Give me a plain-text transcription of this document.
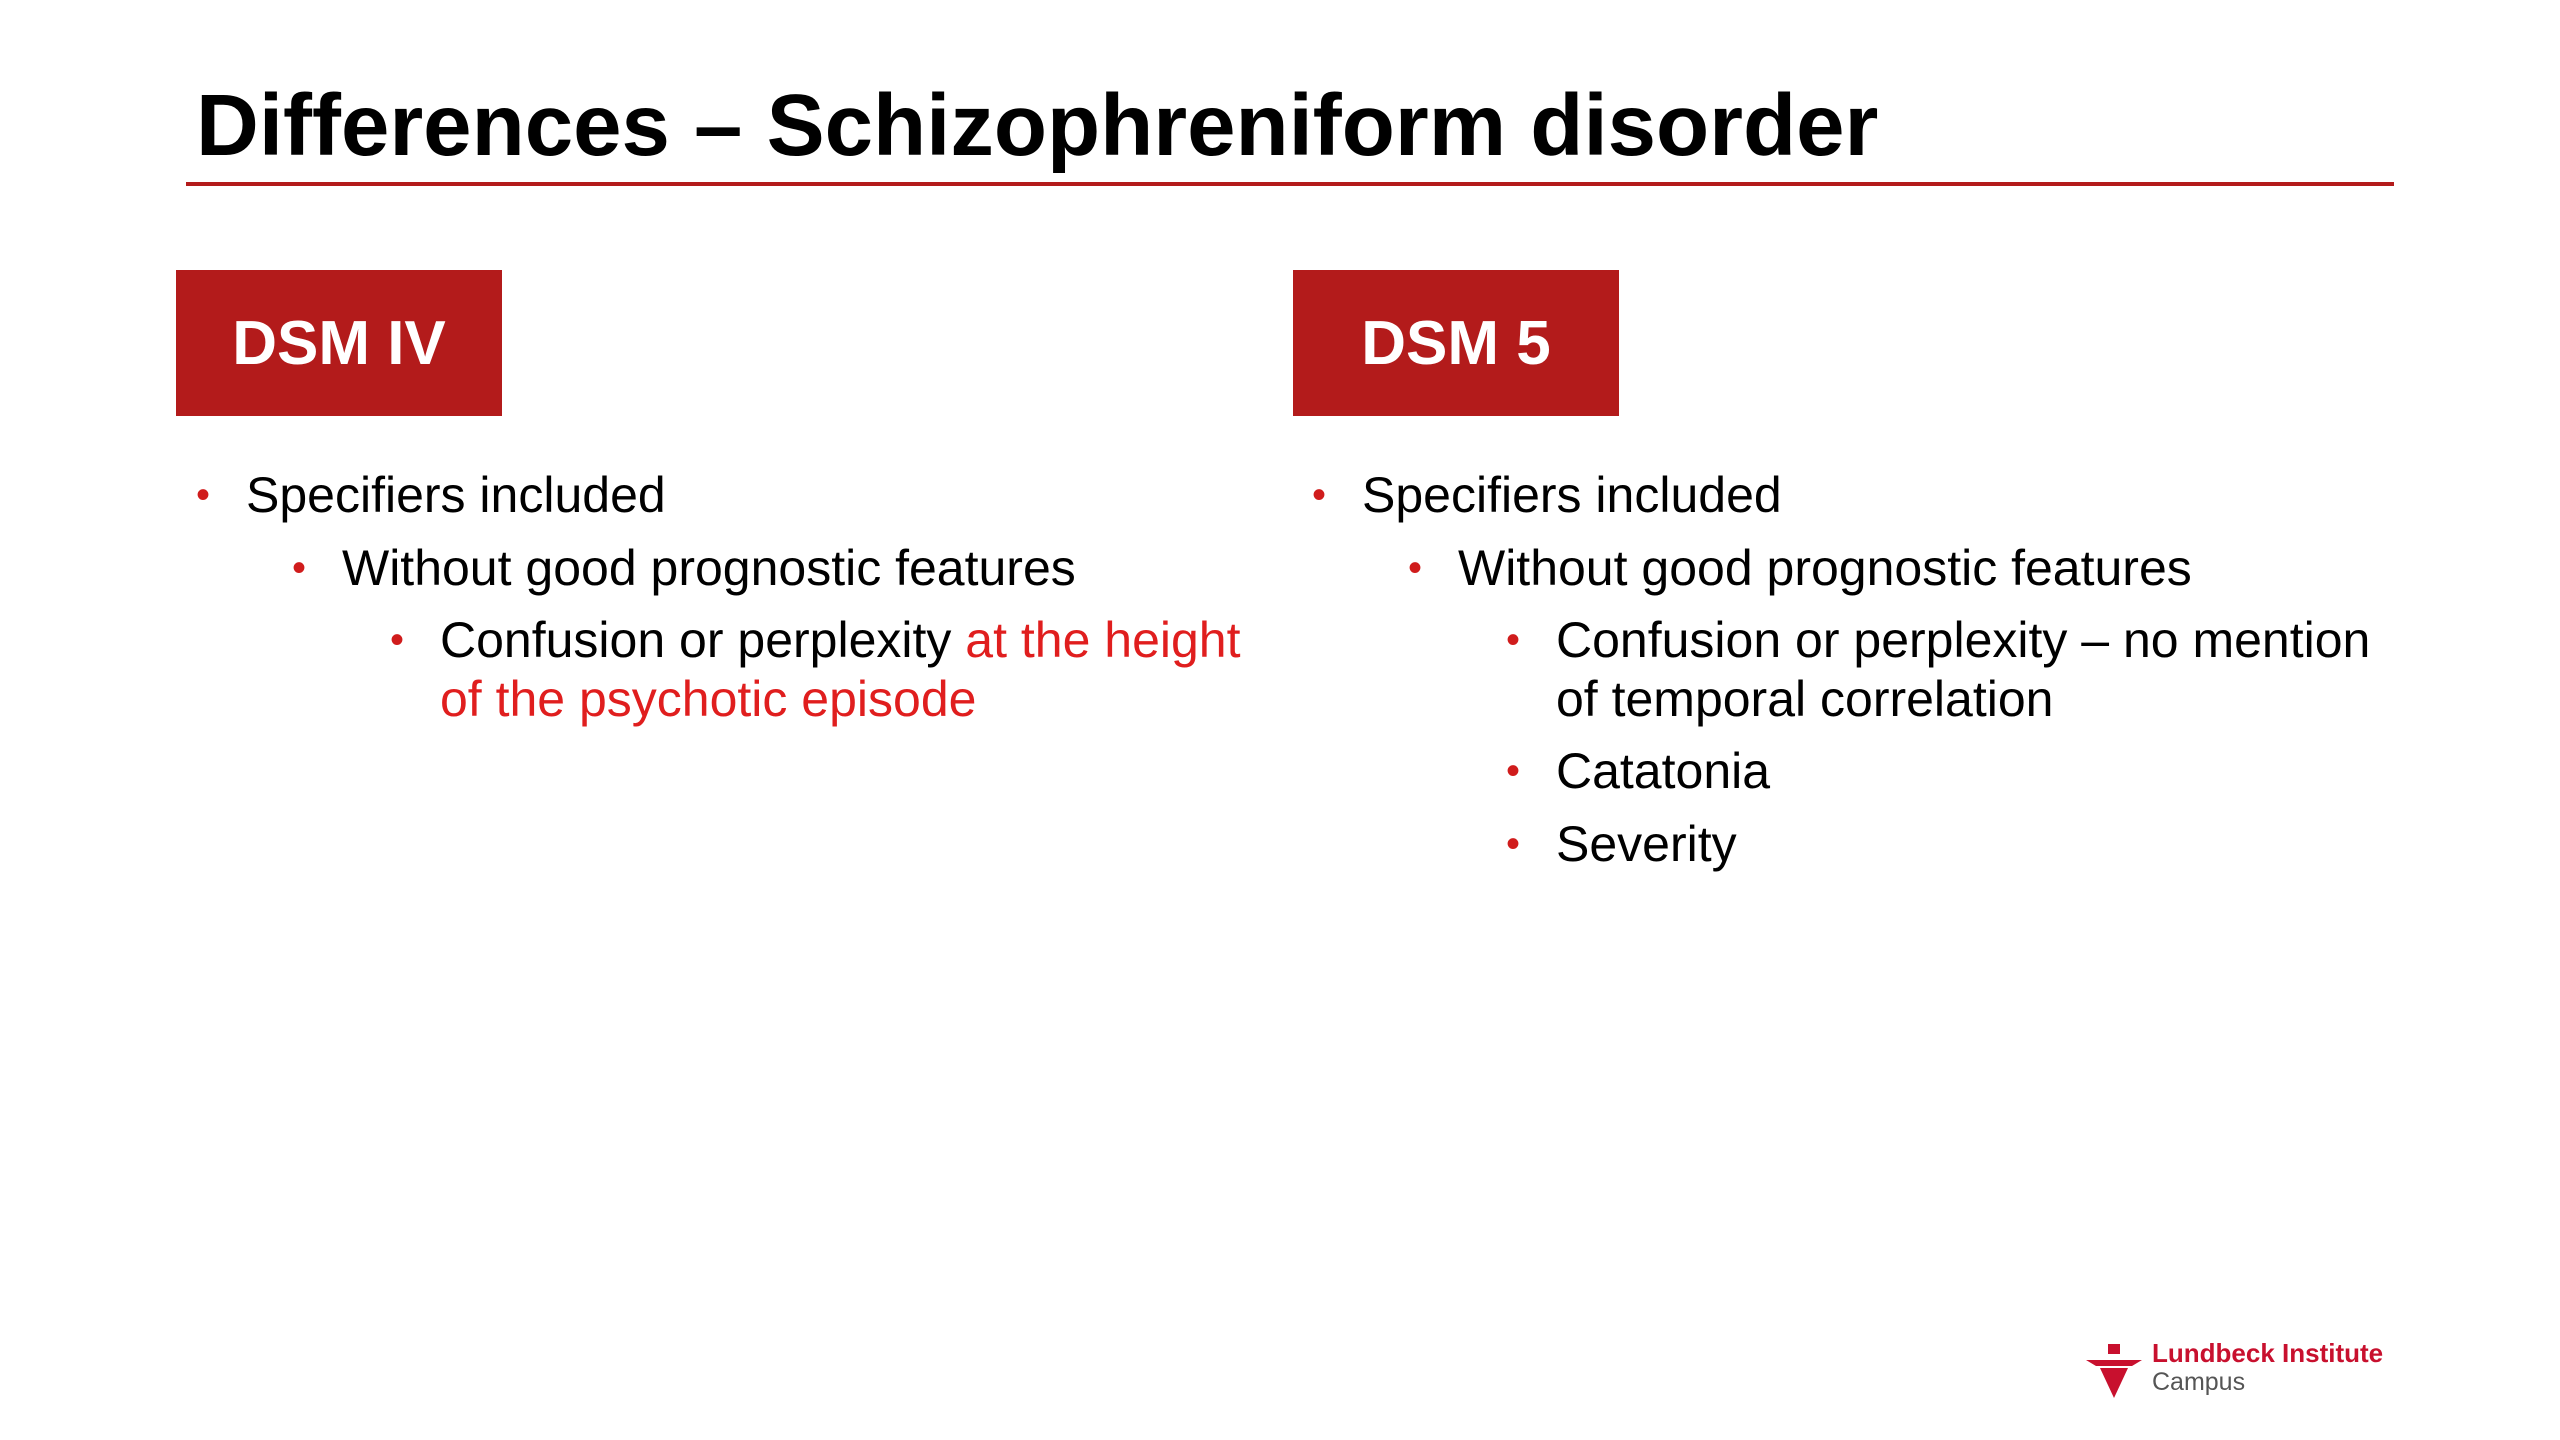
Differences – Schizophreniform disorder
DSM IV	DSM 5
• Specifiers included
• Without good prognostic features
• Confusion or perplexity at the height of the psychotic episode
• Specifiers included
• Without good prognostic features
• Confusion or perplexity – no mention of temporal correlation
• Catatonia
• Severity
Lundbeck Institute
Campus
